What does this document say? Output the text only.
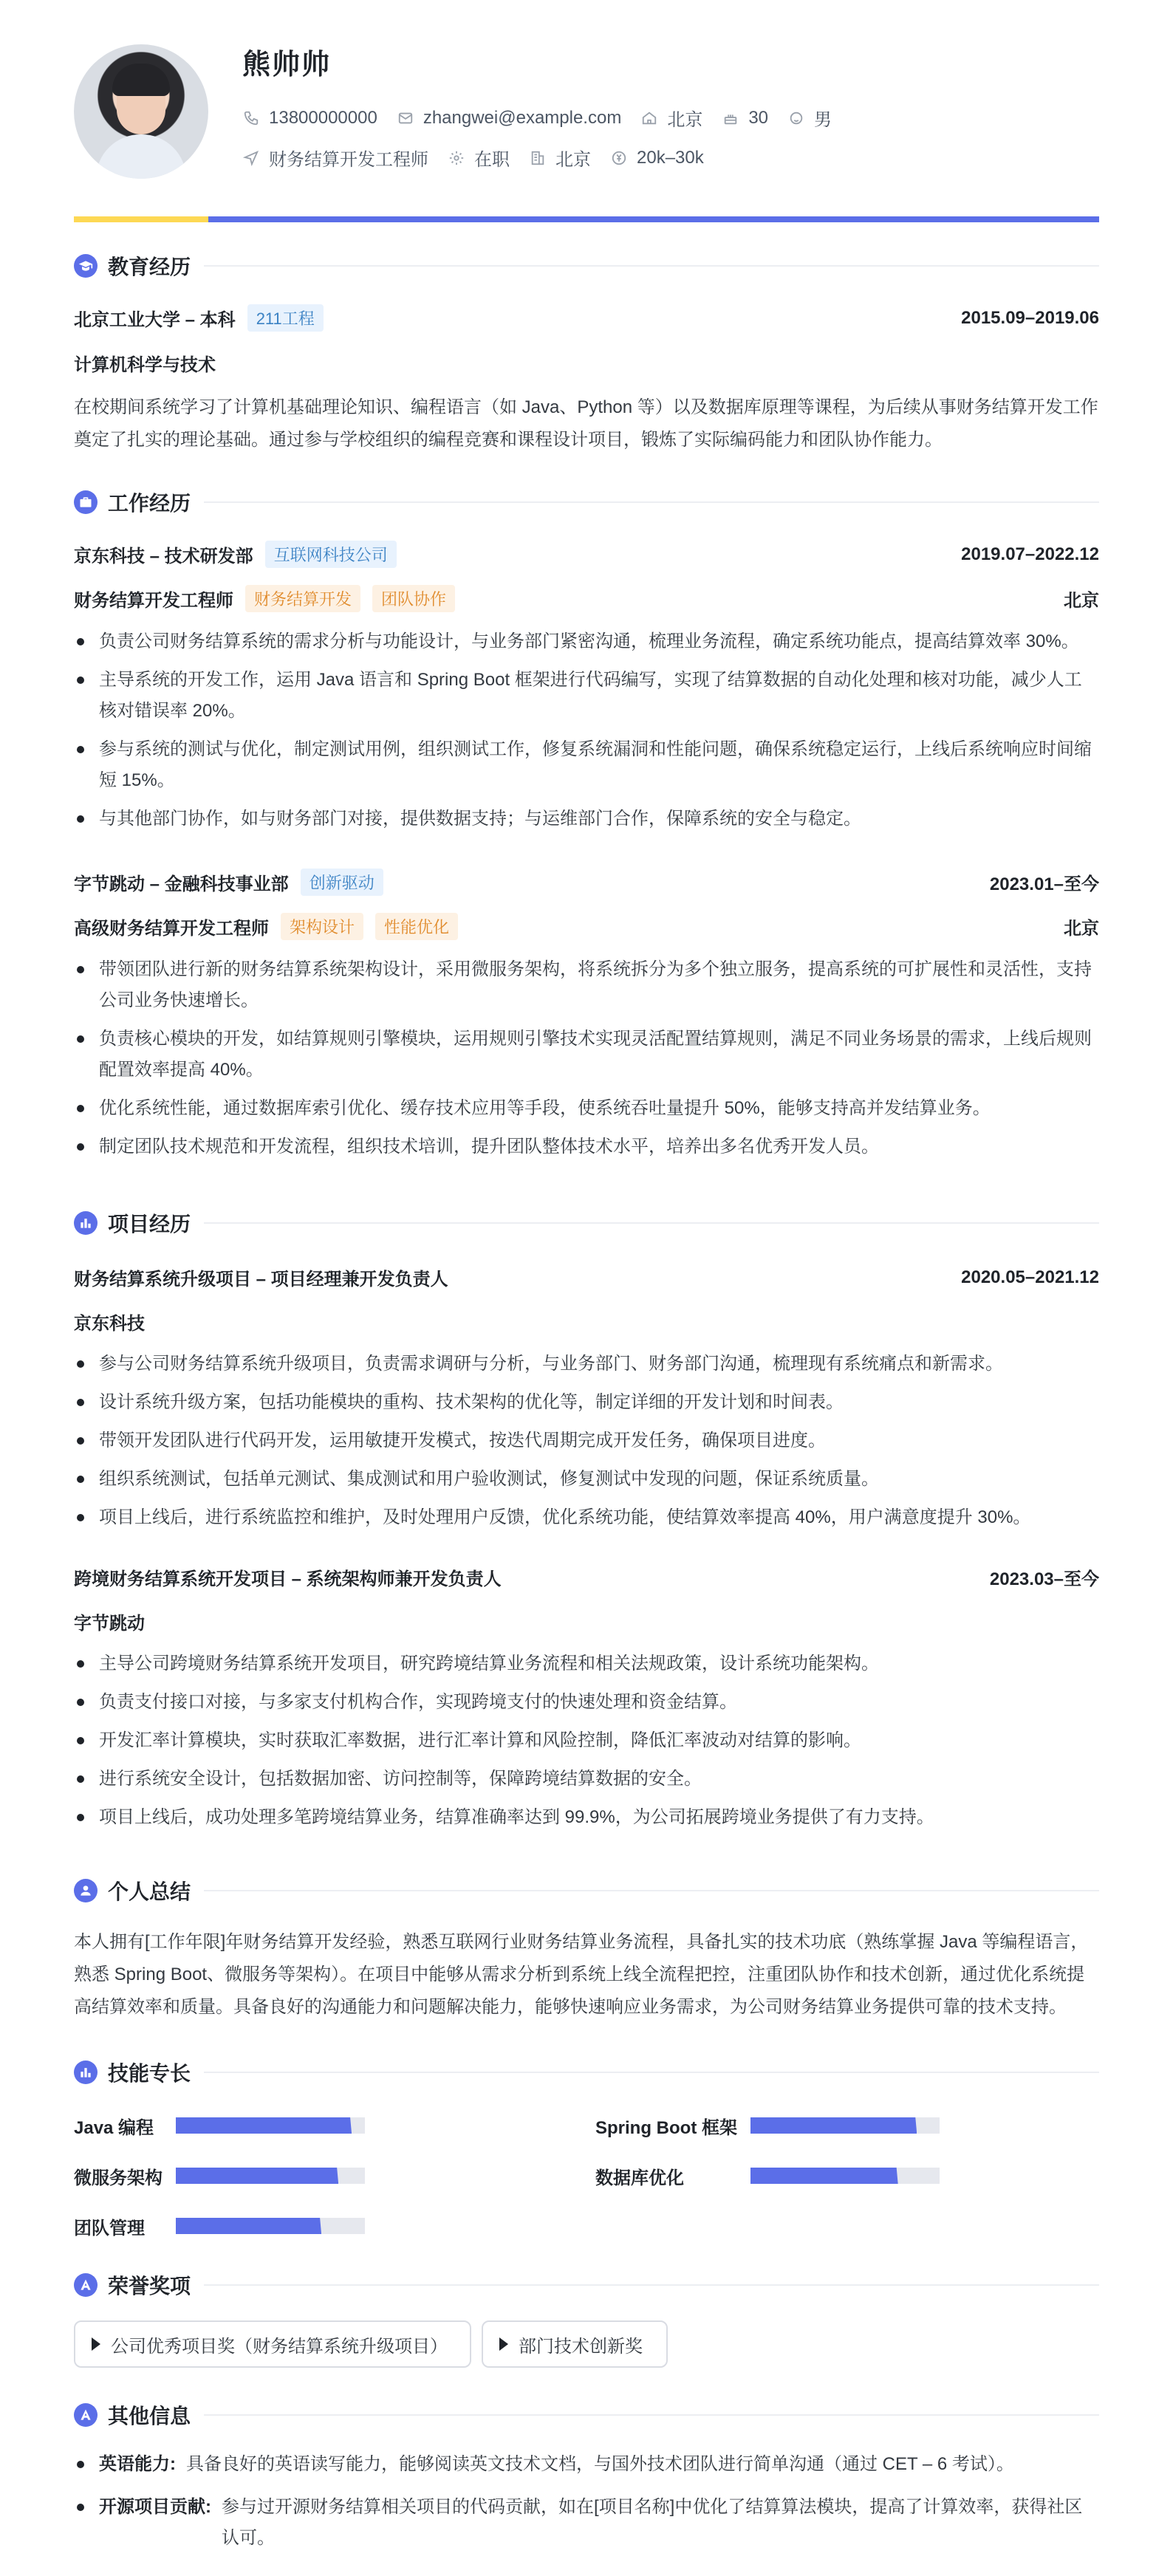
熊帅帅
13800000000	zhangwei@example.com	北京	30	男
财务结算开发工程师	在职	北京	20k–30k
教育经历
北京工业大学 – 本科	211工程	2015.09–2019.06
计算机科学与技术
在校期间系统学习了计算机基础理论知识、编程语言（如 Java、Python 等）以及数据库原理等课程，为后续从事财务结算开发工作奠定了扎实的理论基础。通过参与学校组织的编程竞赛和课程设计项目，锻炼了实际编码能力和团队协作能力。
工作经历
京东科技 – 技术研发部	互联网科技公司	2019.07–2022.12
财务结算开发工程师	财务结算开发	团队协作	北京
负责公司财务结算系统的需求分析与功能设计，与业务部门紧密沟通，梳理业务流程，确定系统功能点，提高结算效率 30%。
主导系统的开发工作，运用 Java 语言和 Spring Boot 框架进行代码编写，实现了结算数据的自动化处理和核对功能，减少人工核对错误率 20%。
参与系统的测试与优化，制定测试用例，组织测试工作，修复系统漏洞和性能问题，确保系统稳定运行，上线后系统响应时间缩短 15%。
与其他部门协作，如与财务部门对接，提供数据支持；与运维部门合作，保障系统的安全与稳定。
字节跳动 – 金融科技事业部	创新驱动	2023.01–至今
高级财务结算开发工程师	架构设计	性能优化	北京
带领团队进行新的财务结算系统架构设计，采用微服务架构，将系统拆分为多个独立服务，提高系统的可扩展性和灵活性，支持公司业务快速增长。
负责核心模块的开发，如结算规则引擎模块，运用规则引擎技术实现灵活配置结算规则，满足不同业务场景的需求，上线后规则配置效率提高 40%。
优化系统性能，通过数据库索引优化、缓存技术应用等手段，使系统吞吐量提升 50%，能够支持高并发结算业务。
制定团队技术规范和开发流程，组织技术培训，提升团队整体技术水平，培养出多名优秀开发人员。
项目经历
财务结算系统升级项目 – 项目经理兼开发负责人	2020.05–2021.12
京东科技
参与公司财务结算系统升级项目，负责需求调研与分析，与业务部门、财务部门沟通，梳理现有系统痛点和新需求。
设计系统升级方案，包括功能模块的重构、技术架构的优化等，制定详细的开发计划和时间表。
带领开发团队进行代码开发，运用敏捷开发模式，按迭代周期完成开发任务，确保项目进度。
组织系统测试，包括单元测试、集成测试和用户验收测试，修复测试中发现的问题，保证系统质量。
项目上线后，进行系统监控和维护，及时处理用户反馈，优化系统功能，使结算效率提高 40%，用户满意度提升 30%。
跨境财务结算系统开发项目 – 系统架构师兼开发负责人	2023.03–至今
字节跳动
主导公司跨境财务结算系统开发项目，研究跨境结算业务流程和相关法规政策，设计系统功能架构。
负责支付接口对接，与多家支付机构合作，实现跨境支付的快速处理和资金结算。
开发汇率计算模块，实时获取汇率数据，进行汇率计算和风险控制，降低汇率波动对结算的影响。
进行系统安全设计，包括数据加密、访问控制等，保障跨境结算数据的安全。
项目上线后，成功处理多笔跨境结算业务，结算准确率达到 99.9%，为公司拓展跨境业务提供了有力支持。
个人总结
本人拥有[工作年限]年财务结算开发经验，熟悉互联网行业财务结算业务流程，具备扎实的技术功底（熟练掌握 Java 等编程语言，熟悉 Spring Boot、微服务等架构）。在项目中能够从需求分析到系统上线全流程把控，注重团队协作和技术创新，通过优化系统提高结算效率和质量。具备良好的沟通能力和问题解决能力，能够快速响应业务需求，为公司财务结算业务提供可靠的技术支持。
技能专长
Java 编程	Spring Boot 框架
微服务架构	数据库优化
团队管理
荣誉奖项
公司优秀项目奖（财务结算系统升级项目）	部门技术创新奖
其他信息
英语能力: 具备良好的英语读写能力，能够阅读英文技术文档，与国外技术团队进行简单沟通（通过 CET – 6 考试）。
开源项目贡献: 参与过开源财务结算相关项目的代码贡献，如在[项目名称]中优化了结算算法模块，提高了计算效率，获得社区认可。
